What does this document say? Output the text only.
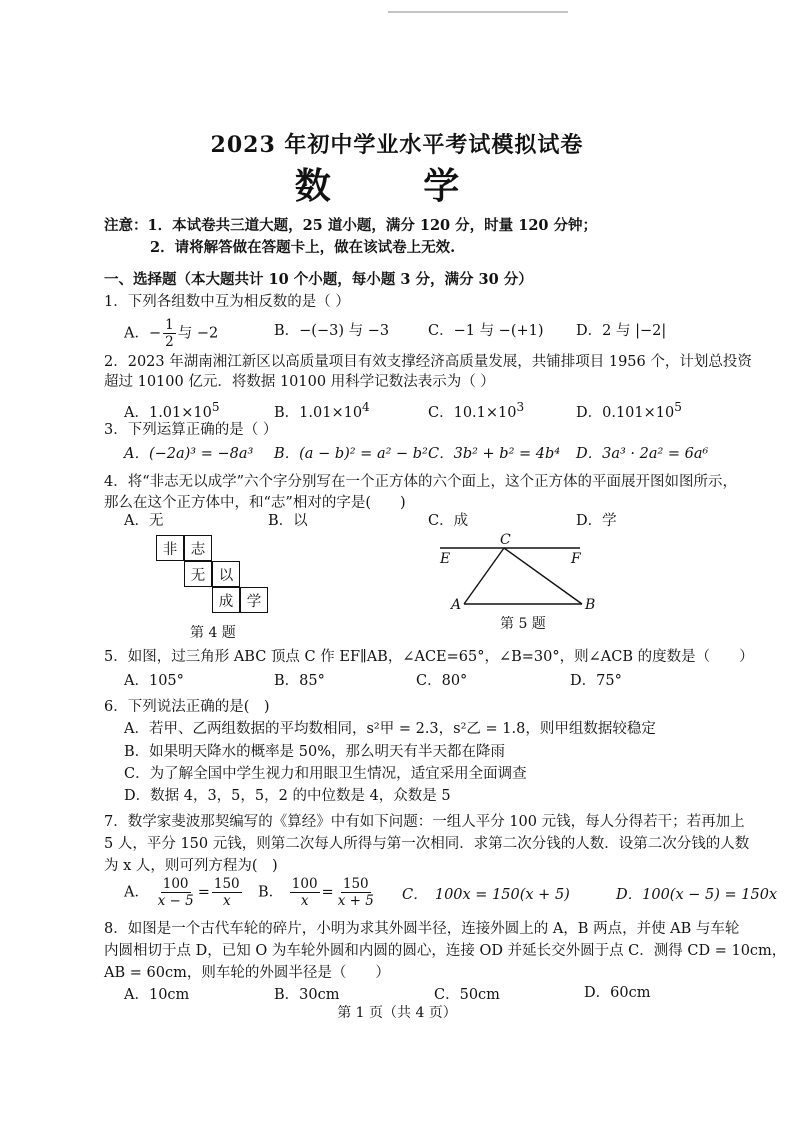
2023 年初中学业水平考试模拟试卷
数 学
注意：1．本试卷共三道大题，25 道小题，满分 120 分，时量 120 分钟；
2．请将解答做在答题卡上，做在该试卷上无效.
一、选择题（本大题共计 10 个小题，每小题 3 分，满分 30 分）
1．下列各组数中互为相反数的是（ ）
A．− $\frac{1}{2}$ 与 −2	B．−(−3) 与 −3	C．−1 与 −(+1) D．2 与 |−2|
2．2023 年湖南湘江新区以高质量项目有效支撑经济高质量发展，共铺排项目 1956 个，计划总投资
超过 10100 亿元．将数据 10100 用科学记数法表示为（ ）
A．$1.01\times 10^5$	B．$1.01\times 10^4$	C．$10.1\times 10^3$	D．$0.101\times 10^5$
3．下列运算正确的是（ ）
A．(−2a)³ = −8a³ B．(a − b)² = a² − b² C．3b² + b² = 4b⁴ D．3a³ · 2a² = 6a⁶
4．将“非志无以成学”六个字分别写在一个正方体的六个面上，这个正方体的平面展开图如图所示，
那么在这个正方体中，和“志”相对的字是(　　)
A．无	B．以	C．成	D．学
非 志
无 以
成 学
第 4 题
C
E	F
A	B
第 5 题
5．如图，过三角形 ABC 顶点 C 作 EF∥AB，∠ACE=65°，∠B=30°，则∠ACB 的度数是（　　）
A．105°	B．85°	C．80°	D．75°
6．下列说法正确的是(　)
A．若甲、乙两组数据的平均数相同，s²甲 = 2.3，s²乙 = 1.8，则甲组数据较稳定
B．如果明天降水的概率是 50%，那么明天有半天都在降雨
C．为了解全国中学生视力和用眼卫生情况，适宜采用全面调查
D．数据 4，3，5，5，2 的中位数是 4，众数是 5
7．数学家斐波那契编写的《算经》中有如下问题：一组人平分 100 元钱，每人分得若干；若再加上
5 人，平分 150 元钱，则第二次每人所得与第一次相同．求第二次分钱的人数．设第二次分钱的人数
为 x 人，则可列方程为(　)
A． $\frac{100}{x - 5} = \frac{150}{x}$ B． $\frac{100}{x} = \frac{150}{x + 5}$ C．　100x = 150(x + 5)	D．100(x − 5) = 150x
8．如图是一个古代车轮的碎片，小明为求其外圆半径，连接外圆上的 A，B 两点，并使 AB 与车轮
内圆相切于点 D，已知 O 为车轮外圆和内圆的圆心，连接 OD 并延长交外圆于点 C．测得 CD = 10cm，
AB = 60cm，则车轮的外圆半径是（　　）
A．10cm	B．30cm	C．50cm	D．60cm
第 1 页（共 4 页）
